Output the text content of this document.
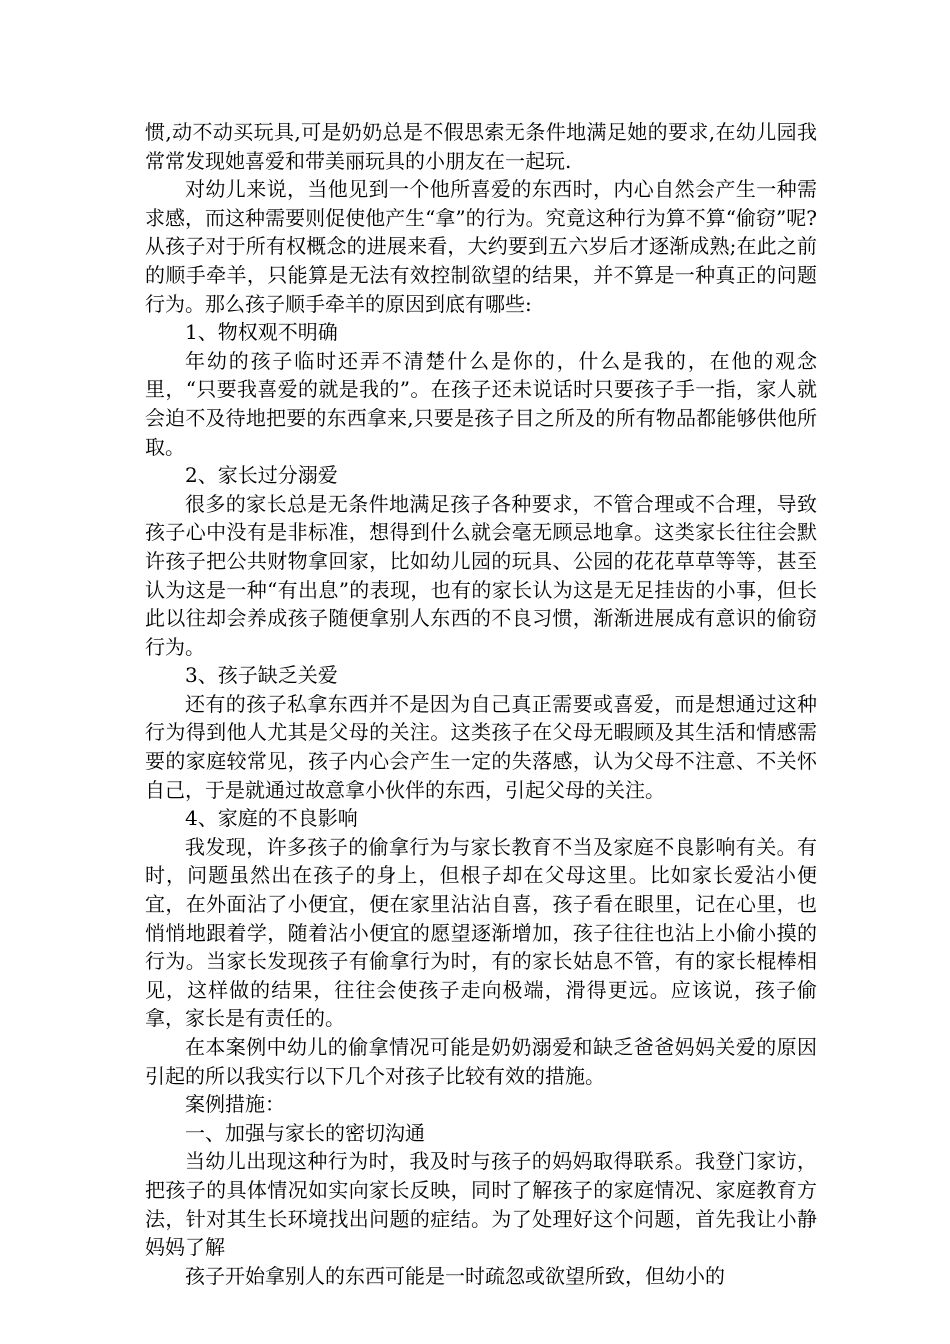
惯,动不动买玩具,可是奶奶总是不假思索无条件地满足她的要求,在幼儿园我常常发现她喜爱和带美丽玩具的小朋友在一起玩.

对幼儿来说，当他见到一个他所喜爱的东西时，内心自然会产生一种需求感，而这种需要则促使他产生“拿”的行为。究竟这种行为算不算“偷窃”呢?从孩子对于所有权概念的进展来看，大约要到五六岁后才逐渐成熟;在此之前的顺手牵羊，只能算是无法有效控制欲望的结果，并不算是一种真正的问题行为。那么孩子顺手牵羊的原因到底有哪些:

1、物权观不明确

年幼的孩子临时还弄不清楚什么是你的，什么是我的，在他的观念里，“只要我喜爱的就是我的”。在孩子还未说话时只要孩子手一指，家人就会迫不及待地把要的东西拿来,只要是孩子目之所及的所有物品都能够供他所取。

2、家长过分溺爱

很多的家长总是无条件地满足孩子各种要求，不管合理或不合理，导致孩子心中没有是非标准，想得到什么就会毫无顾忌地拿。这类家长往往会默许孩子把公共财物拿回家，比如幼儿园的玩具、公园的花花草草等等，甚至认为这是一种“有出息”的表现，也有的家长认为这是无足挂齿的小事，但长此以往却会养成孩子随便拿别人东西的不良习惯，渐渐进展成有意识的偷窃行为。

3、孩子缺乏关爱

还有的孩子私拿东西并不是因为自己真正需要或喜爱，而是想通过这种行为得到他人尤其是父母的关注。这类孩子在父母无暇顾及其生活和情感需要的家庭较常见，孩子内心会产生一定的失落感，认为父母不注意、不关怀自己，于是就通过故意拿小伙伴的东西，引起父母的关注。

4、家庭的不良影响

我发现，许多孩子的偷拿行为与家长教育不当及家庭不良影响有关。有时，问题虽然出在孩子的身上，但根子却在父母这里。比如家长爱沾小便宜，在外面沾了小便宜，便在家里沾沾自喜，孩子看在眼里，记在心里，也悄悄地跟着学，随着沾小便宜的愿望逐渐增加，孩子往往也沾上小偷小摸的行为。当家长发现孩子有偷拿行为时，有的家长姑息不管，有的家长棍棒相见，这样做的结果，往往会使孩子走向极端，滑得更远。应该说，孩子偷拿，家长是有责任的。

在本案例中幼儿的偷拿情况可能是奶奶溺爱和缺乏爸爸妈妈关爱的原因引起的所以我实行以下几个对孩子比较有效的措施。

案例措施：

一、加强与家长的密切沟通

当幼儿出现这种行为时，我及时与孩子的妈妈取得联系。我登门家访，把孩子的具体情况如实向家长反映，同时了解孩子的家庭情况、家庭教育方法，针对其生长环境找出问题的症结。为了处理好这个问题，首先我让小静妈妈了解

孩子开始拿别人的东西可能是一时疏忽或欲望所致，但幼小的
